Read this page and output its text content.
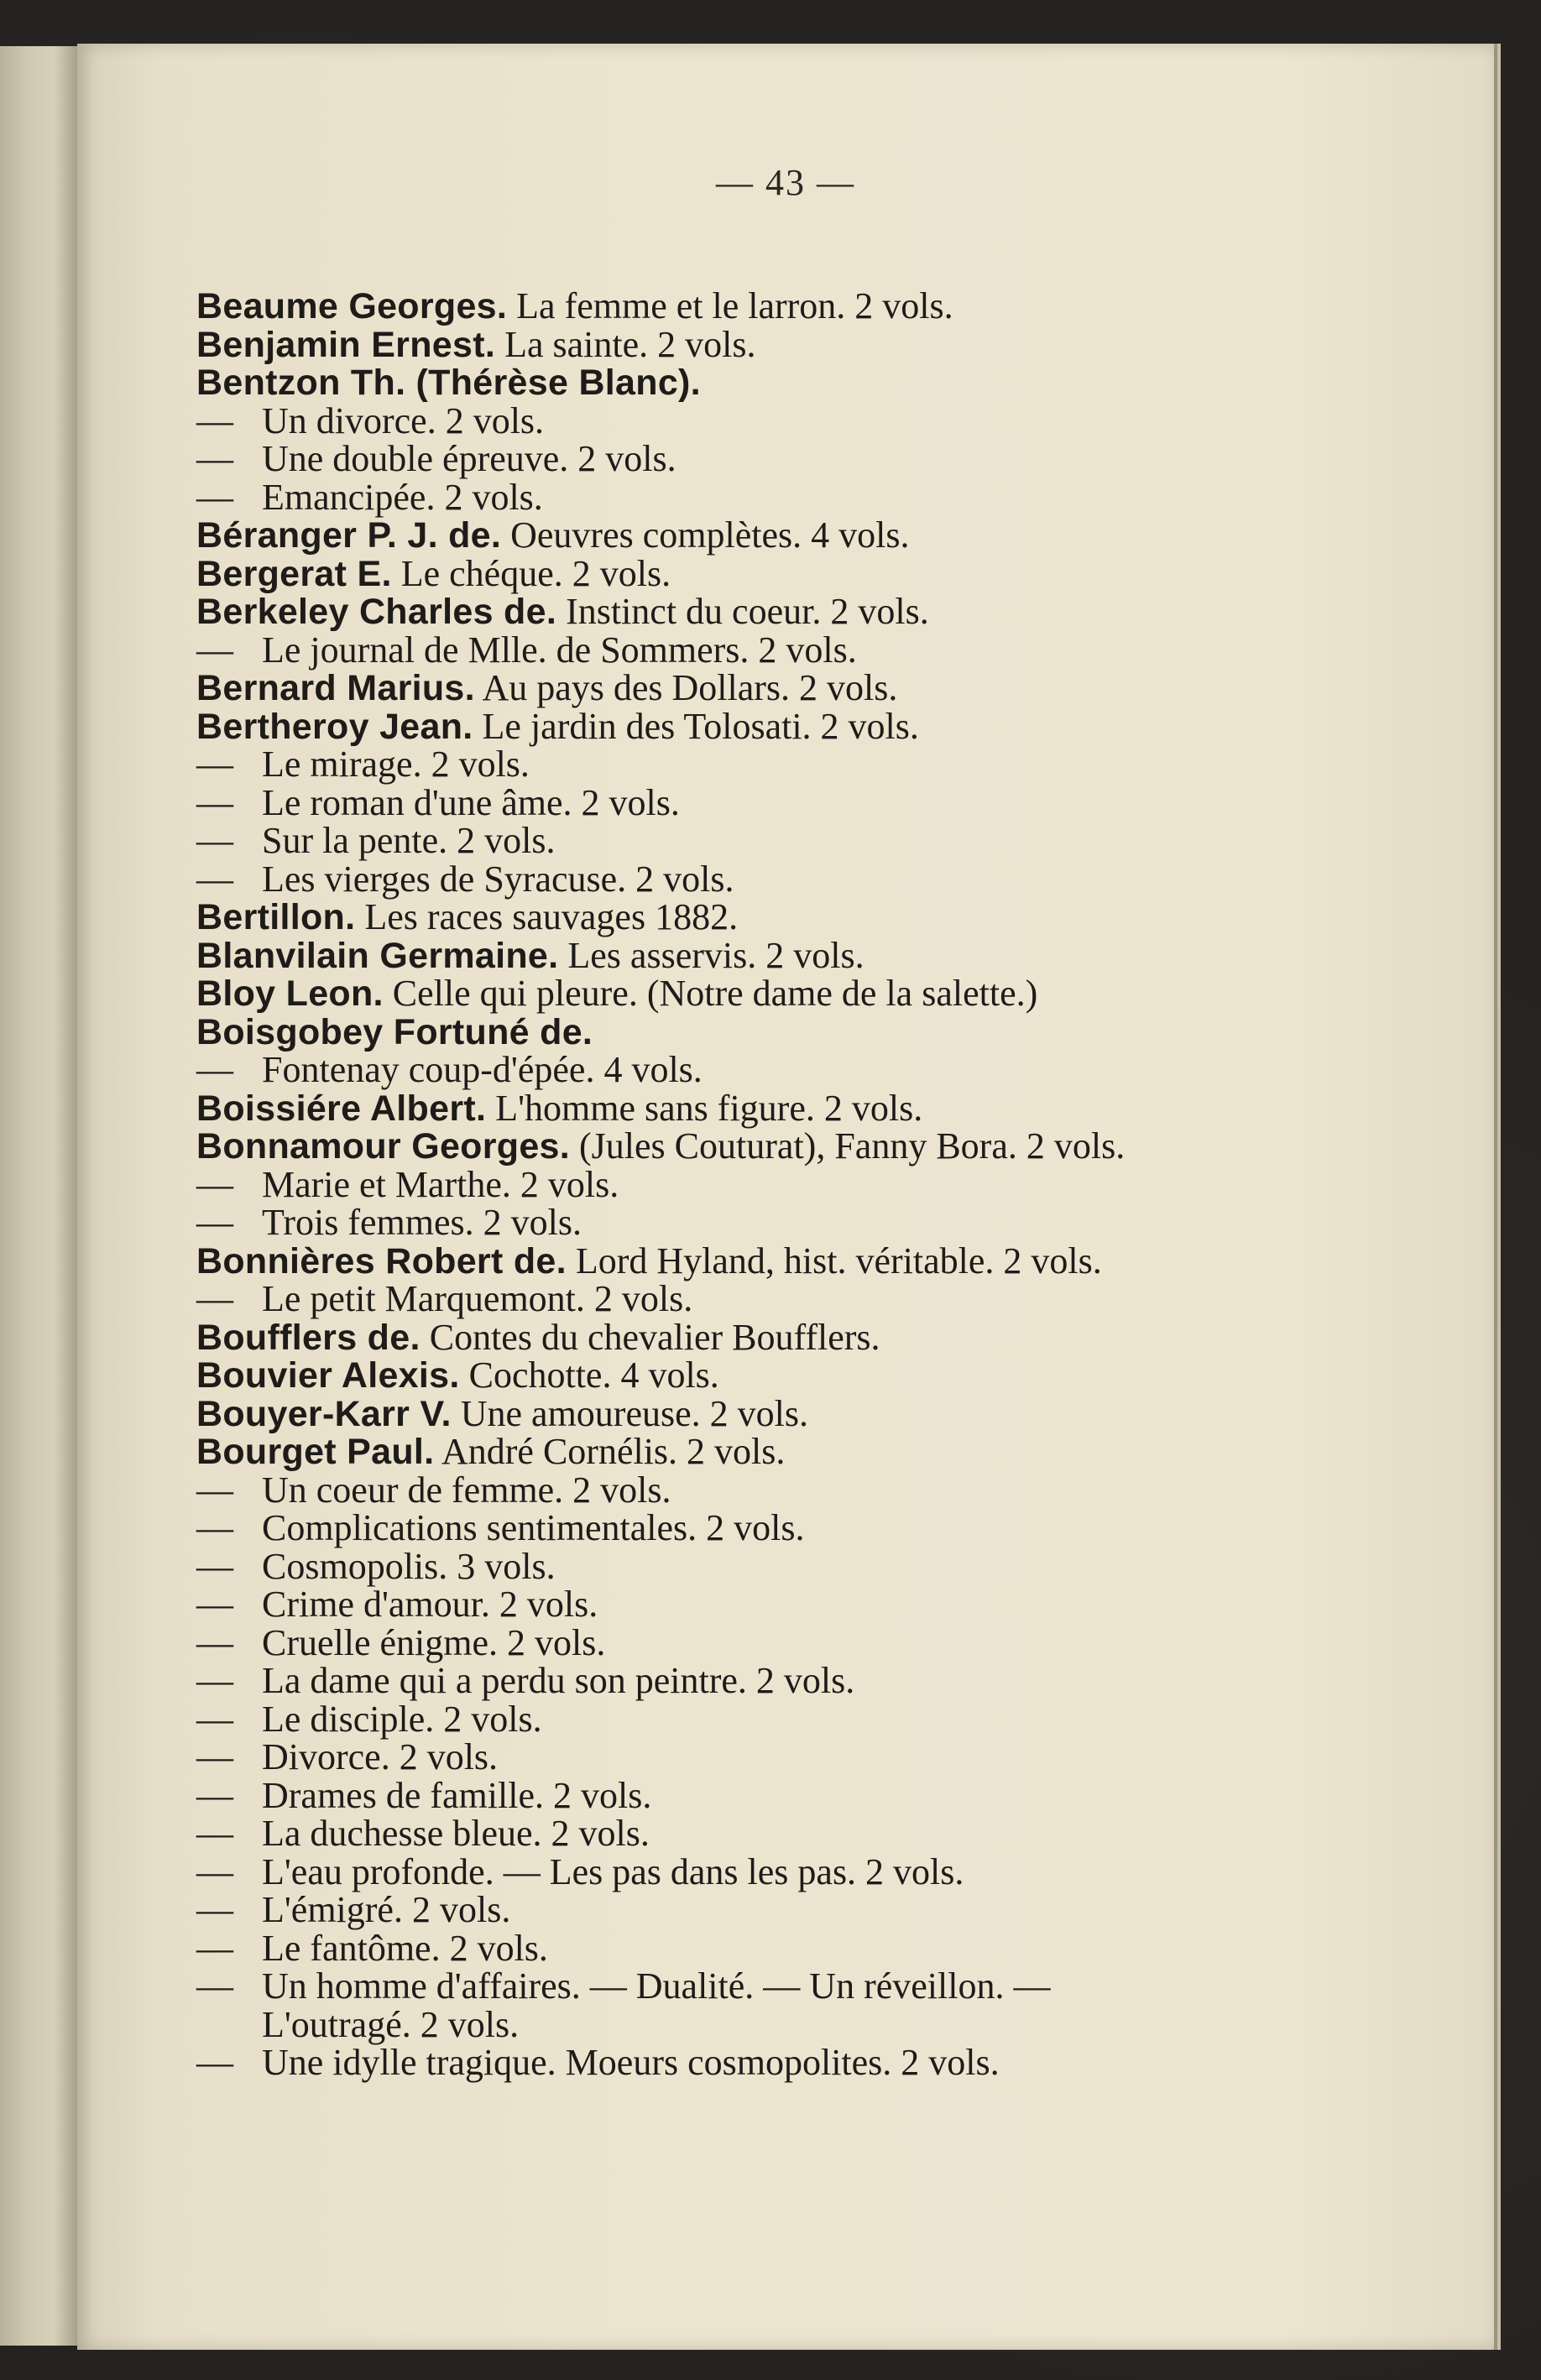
— 43 —
Beaume Georges. La femme et le larron. 2 vols.
Benjamin Ernest. La sainte. 2 vols.
Bentzon Th. (Thérèse Blanc).
— Un divorce. 2 vols.
— Une double épreuve. 2 vols.
— Emancipée. 2 vols.
Béranger P. J. de. Oeuvres complètes. 4 vols.
Bergerat E. Le chéque. 2 vols.
Berkeley Charles de. Instinct du coeur. 2 vols.
— Le journal de Mlle. de Sommers. 2 vols.
Bernard Marius. Au pays des Dollars. 2 vols.
Bertheroy Jean. Le jardin des Tolosati. 2 vols.
— Le mirage. 2 vols.
— Le roman d'une âme. 2 vols.
— Sur la pente. 2 vols.
— Les vierges de Syracuse. 2 vols.
Bertillon. Les races sauvages 1882.
Blanvilain Germaine. Les asservis. 2 vols.
Bloy Leon. Celle qui pleure. (Notre dame de la salette.)
Boisgobey Fortuné de.
— Fontenay coup-d'épée. 4 vols.
Boissiére Albert. L'homme sans figure. 2 vols.
Bonnamour Georges. (Jules Couturat), Fanny Bora. 2 vols.
— Marie et Marthe. 2 vols.
— Trois femmes. 2 vols.
Bonnières Robert de. Lord Hyland, hist. véritable. 2 vols.
— Le petit Marquemont. 2 vols.
Boufflers de. Contes du chevalier Boufflers.
Bouvier Alexis. Cochotte. 4 vols.
Bouyer-Karr V. Une amoureuse. 2 vols.
Bourget Paul. André Cornélis. 2 vols.
— Un coeur de femme. 2 vols.
— Complications sentimentales. 2 vols.
— Cosmopolis. 3 vols.
— Crime d'amour. 2 vols.
— Cruelle énigme. 2 vols.
— La dame qui a perdu son peintre. 2 vols.
— Le disciple. 2 vols.
— Divorce. 2 vols.
— Drames de famille. 2 vols.
— La duchesse bleue. 2 vols.
— L'eau profonde. — Les pas dans les pas. 2 vols.
— L'émigré. 2 vols.
— Le fantôme. 2 vols.
— Un homme d'affaires. — Dualité. — Un réveillon. —
L'outragé. 2 vols.
— Une idylle tragique. Moeurs cosmopolites. 2 vols.
